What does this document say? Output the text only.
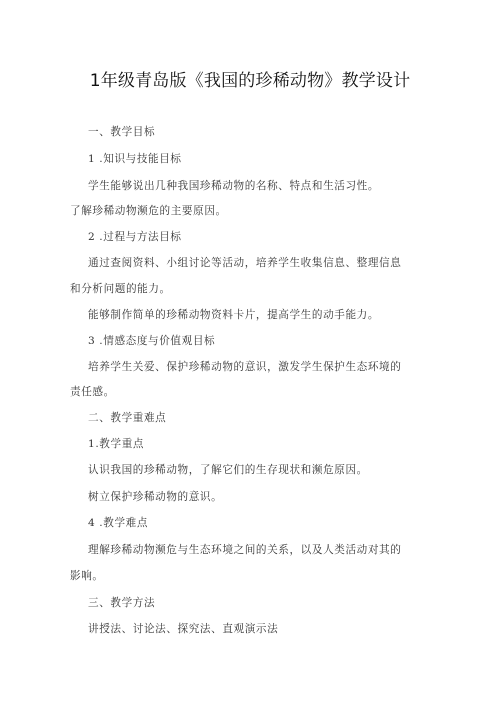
1年级青岛版《我国的珍稀动物》教学设计

一、教学目标

1 .知识与技能目标

学生能够说出几种我国珍稀动物的名称、特点和生活习性。

了解珍稀动物濒危的主要原因。

2 .过程与方法目标

通过查阅资料、小组讨论等活动，培养学生收集信息、整理信息

和分析问题的能力。

能够制作简单的珍稀动物资料卡片，提高学生的动手能力。

3 .情感态度与价值观目标

培养学生关爱、保护珍稀动物的意识，激发学生保护生态环境的

责任感。

二、教学重难点

1.教学重点

认识我国的珍稀动物，了解它们的生存现状和濒危原因。

树立保护珍稀动物的意识。

4 .教学难点

理解珍稀动物濒危与生态环境之间的关系，以及人类活动对其的

影响。

三、教学方法

讲授法、讨论法、探究法、直观演示法
